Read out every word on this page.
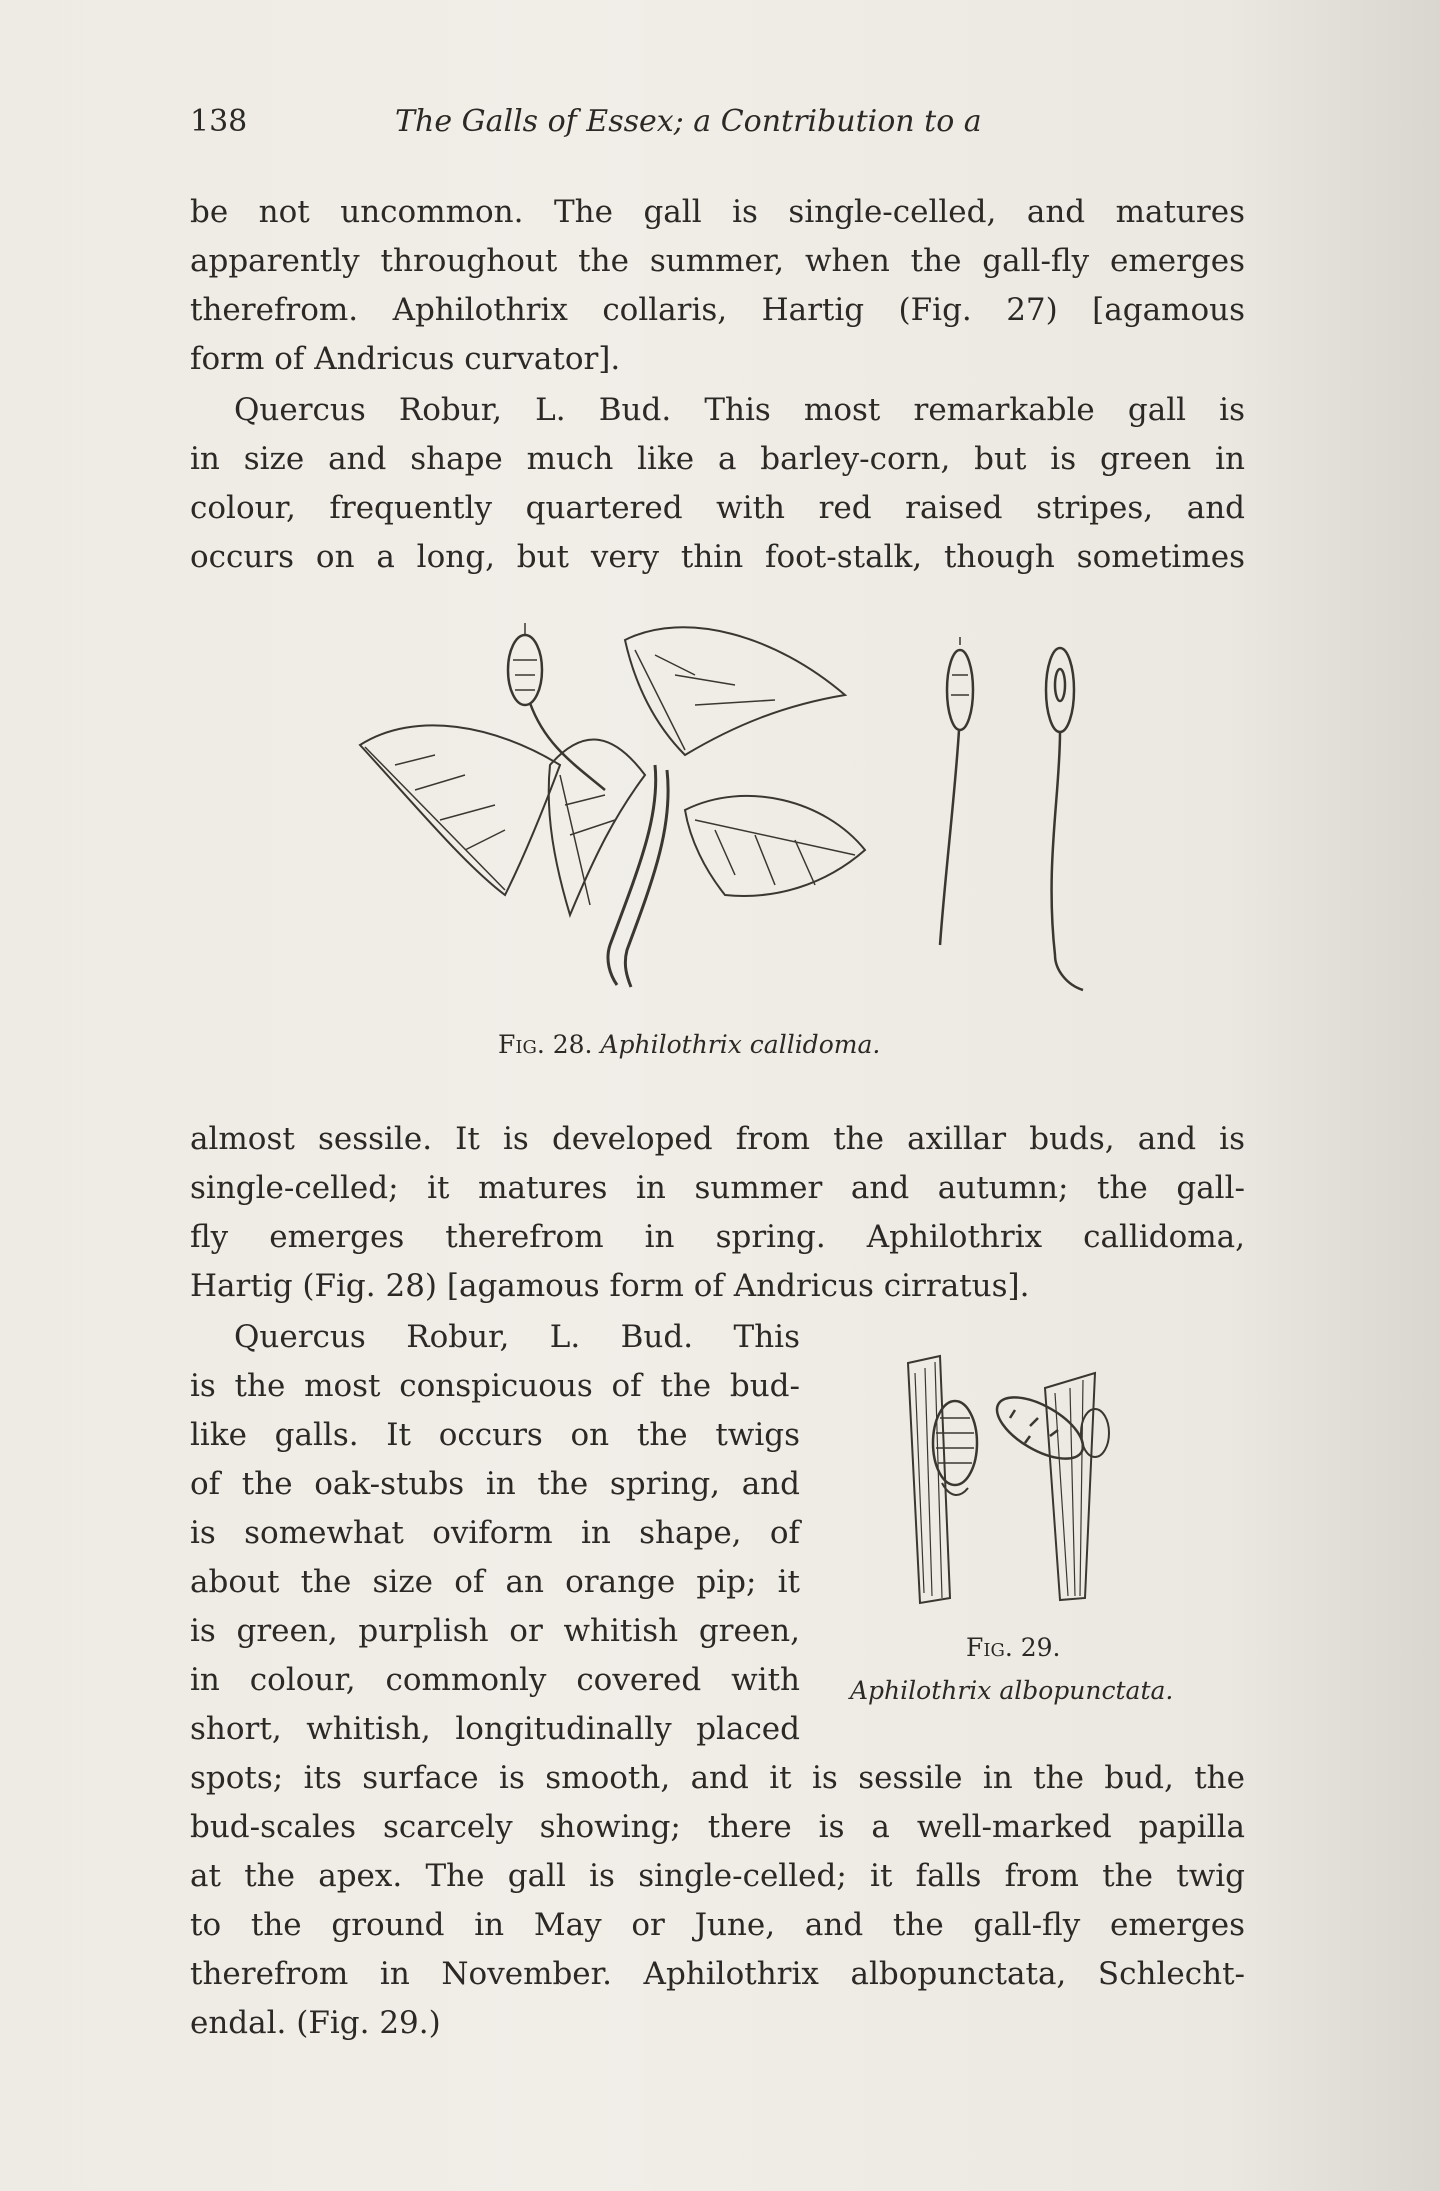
138	The Galls of Essex; a Contribution to a
be not uncommon. The gall is single-celled, and matures
apparently throughout the summer, when the gall-fly emerges
therefrom. Aphilothrix collaris, Hartig (Fig. 27) [agamous
form of Andricus curvator].
Quercus Robur, L. Bud. This most remarkable gall is
in size and shape much like a barley-corn, but is green in
colour, frequently quartered with red raised stripes, and
occurs on a long, but very thin foot-stalk, though sometimes
Fig. 28. Aphilothrix callidoma.
almost sessile. It is developed from the axillar buds, and is
single-celled; it matures in summer and autumn; the gall-
fly emerges therefrom in spring. Aphilothrix callidoma,
Hartig (Fig. 28) [agamous form of Andricus cirratus].
Quercus Robur, L. Bud. This
is the most conspicuous of the bud-
like galls. It occurs on the twigs
of the oak-stubs in the spring, and
is somewhat oviform in shape, of
about the size of an orange pip; it
is green, purplish or whitish green,
in colour, commonly covered with
short, whitish, longitudinally placed
Fig. 29.
Aphilothrix albopunctata.
spots; its surface is smooth, and it is sessile in the bud, the
bud-scales scarcely showing; there is a well-marked papilla
at the apex. The gall is single-celled; it falls from the twig
to the ground in May or June, and the gall-fly emerges
therefrom in November. Aphilothrix albopunctata, Schlecht-
endal. (Fig. 29.)
